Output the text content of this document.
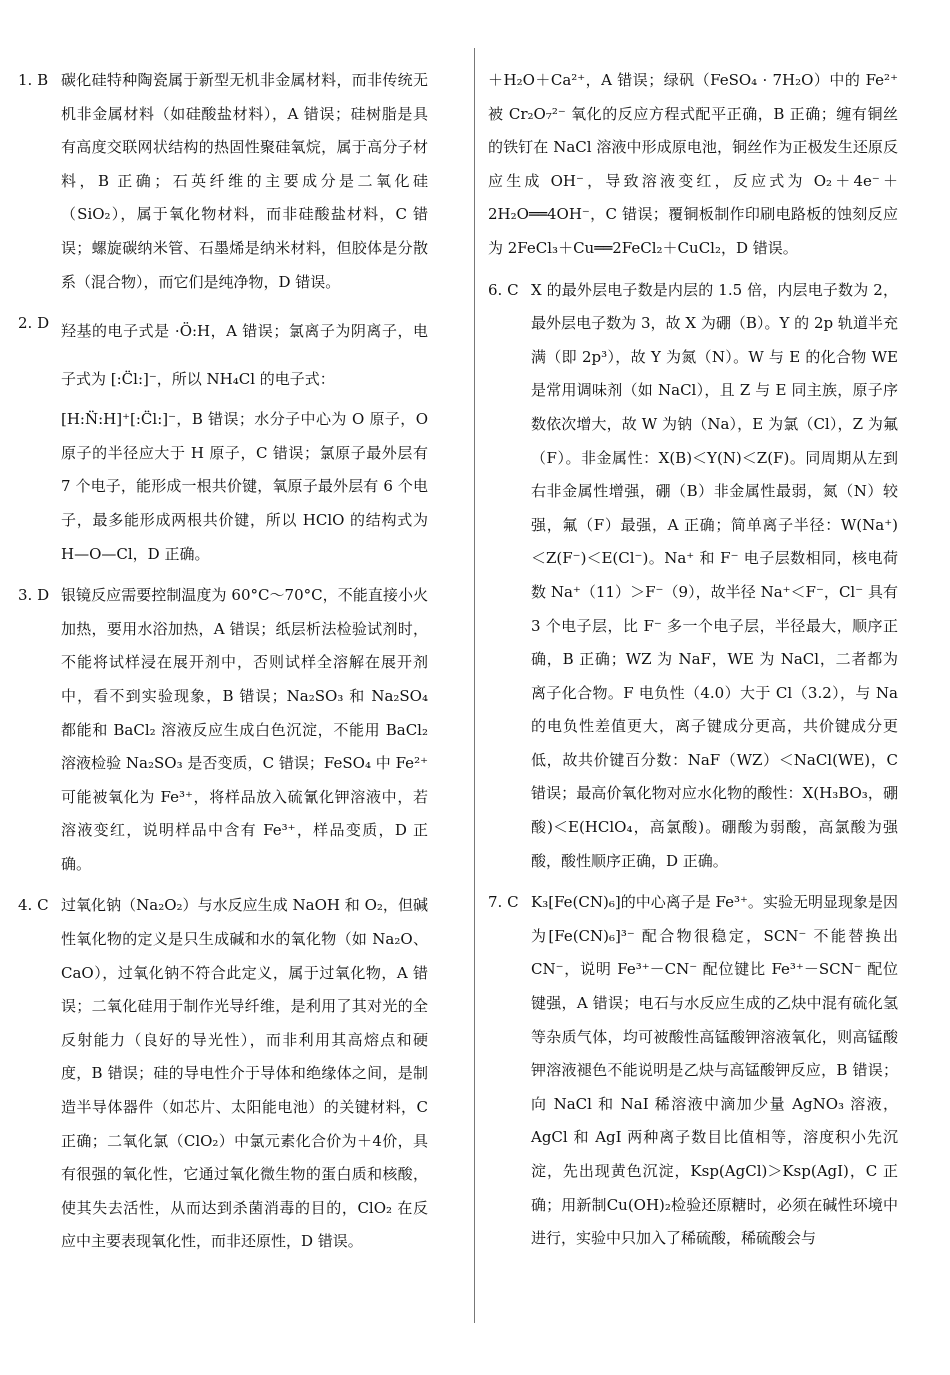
1. B 碳化硅特种陶瓷属于新型无机非金属材料，而非传统无机非金属材料（如硅酸盐材料），A 错误；硅树脂是具有高度交联网状结构的热固性聚硅氧烷，属于高分子材料，B 正确；石英纤维的主要成分是二氧化硅（SiO₂），属于氧化物材料，而非硅酸盐材料，C 错误；螺旋碳纳米管、石墨烯是纳米材料，但胶体是分散系（混合物），而它们是纯净物，D 错误。
2. D 羟基的电子式是 ·Ö:H，A 错误；氯离子为阴离子，电子式为 [:C̈l:]⁻，所以 NH₄Cl 的电子式：
[H:N̈:H]⁺[:C̈l:]⁻，B 错误；水分子中心为 O 原子，O 原子的半径应大于 H 原子，C 错误；氯原子最外层有 7 个电子，能形成一根共价键，氧原子最外层有 6 个电子，最多能形成两根共价键，所以 HClO 的结构式为 H—O—Cl，D 正确。
3. D 银镜反应需要控制温度为 60°C～70°C，不能直接小火加热，要用水浴加热，A 错误；纸层析法检验试剂时，不能将试样浸在展开剂中，否则试样全溶解在展开剂中，看不到实验现象，B 错误；Na₂SO₃ 和 Na₂SO₄ 都能和 BaCl₂ 溶液反应生成白色沉淀，不能用 BaCl₂ 溶液检验 Na₂SO₃ 是否变质，C 错误；FeSO₄ 中 Fe²⁺ 可能被氧化为 Fe³⁺，将样品放入硫氰化钾溶液中，若溶液变红，说明样品中含有 Fe³⁺，样品变质，D 正确。
4. C 过氧化钠（Na₂O₂）与水反应生成 NaOH 和 O₂，但碱性氧化物的定义是只生成碱和水的氧化物（如 Na₂O、CaO），过氧化钠不符合此定义，属于过氧化物，A 错误；二氧化硅用于制作光导纤维，是利用了其对光的全反射能力（良好的导光性），而非利用其高熔点和硬度，B 错误；硅的导电性介于导体和绝缘体之间，是制造半导体器件（如芯片、太阳能电池）的关键材料，C 正确；二氧化氯（ClO₂）中氯元素化合价为＋4价，具有很强的氧化性，它通过氧化微生物的蛋白质和核酸，使其失去活性，从而达到杀菌消毒的目的，ClO₂ 在反应中主要表现氧化性，而非还原性，D 错误。
＋H₂O＋Ca²⁺，A 错误；绿矾（FeSO₄ · 7H₂O）中的 Fe²⁺ 被 Cr₂O₇²⁻ 氧化的反应方程式配平正确，B 正确；缠有铜丝的铁钉在 NaCl 溶液中形成原电池，铜丝作为正极发生还原反应生成 OH⁻，导致溶液变红，反应式为 O₂＋4e⁻＋2H₂O══4OH⁻，C 错误；覆铜板制作印刷电路板的蚀刻反应为 2FeCl₃＋Cu══2FeCl₂＋CuCl₂，D 错误。
6. C X 的最外层电子数是内层的 1.5 倍，内层电子数为 2，最外层电子数为 3，故 X 为硼（B）。Y 的 2p 轨道半充满（即 2p³），故 Y 为氮（N）。W 与 E 的化合物 WE 是常用调味剂（如 NaCl），且 Z 与 E 同主族，原子序数依次增大，故 W 为钠（Na），E 为氯（Cl），Z 为氟（F）。非金属性：X(B)＜Y(N)＜Z(F)。同周期从左到右非金属性增强，硼（B）非金属性最弱，氮（N）较强，氟（F）最强，A 正确；简单离子半径：W(Na⁺)＜Z(F⁻)＜E(Cl⁻)。Na⁺ 和 F⁻ 电子层数相同，核电荷数 Na⁺（11）＞F⁻（9），故半径 Na⁺＜F⁻，Cl⁻ 具有 3 个电子层，比 F⁻ 多一个电子层，半径最大，顺序正确，B 正确；WZ 为 NaF，WE 为 NaCl，二者都为离子化合物。F 电负性（4.0）大于 Cl（3.2），与 Na 的电负性差值更大，离子键成分更高，共价键成分更低，故共价键百分数：NaF（WZ）＜NaCl(WE)，C 错误；最高价氧化物对应水化物的酸性：X(H₃BO₃，硼酸)＜E(HClO₄，高氯酸)。硼酸为弱酸，高氯酸为强酸，酸性顺序正确，D 正确。
7. C K₃[Fe(CN)₆]的中心离子是 Fe³⁺。实验无明显现象是因为[Fe(CN)₆]³⁻ 配合物很稳定，SCN⁻ 不能替换出 CN⁻，说明 Fe³⁺－CN⁻ 配位键比 Fe³⁺－SCN⁻ 配位键强，A 错误；电石与水反应生成的乙炔中混有硫化氢等杂质气体，均可被酸性高锰酸钾溶液氧化，则高锰酸钾溶液褪色不能说明是乙炔与高锰酸钾反应，B 错误；向 NaCl 和 NaI 稀溶液中滴加少量 AgNO₃ 溶液，AgCl 和 AgI 两种离子数目比值相等，溶度积小先沉淀，先出现黄色沉淀，Ksp(AgCl)＞Ksp(AgI)，C 正确；用新制Cu(OH)₂检验还原糖时，必须在碱性环境中进行，实验中只加入了稀硫酸，稀硫酸会与
